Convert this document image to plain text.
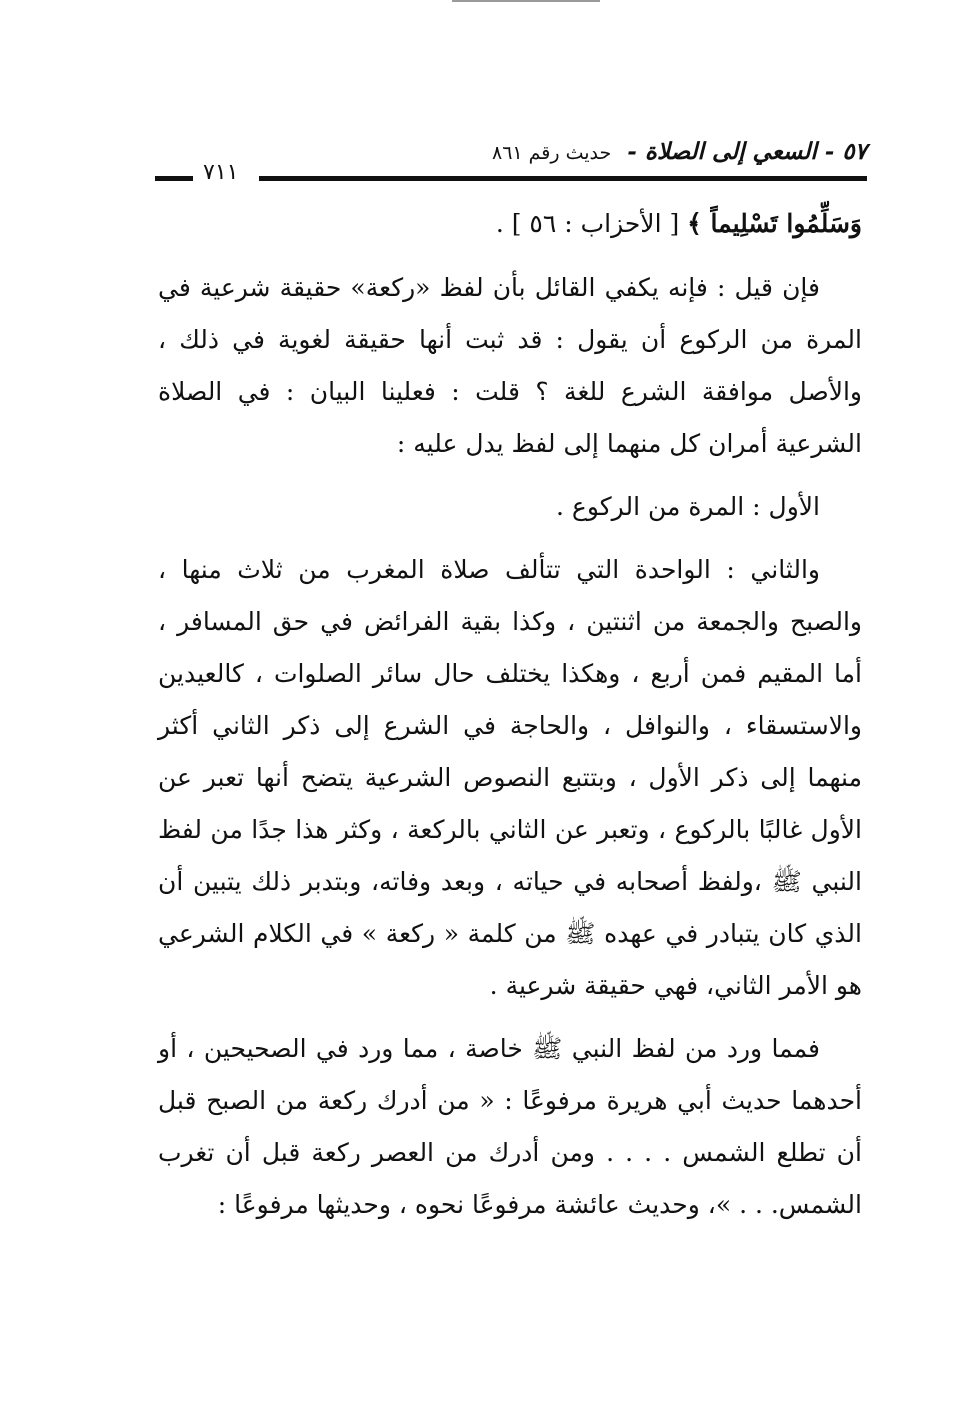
٥٧ - السعي إلى الصلاة -  حديث رقم ٨٦١
٧١١

وَسَلِّمُوا تَسْلِيماً ﴾ [ الأحزاب : ٥٦ ] .

فإن قيل : فإنه يكفي القائل بأن لفظ «ركعة» حقيقة شرعية في المرة من الركوع أن يقول : قد ثبت أنها حقيقة لغوية في ذلك ، والأصل موافقة الشرع للغة ؟ قلت : فعلينا البيان : في الصلاة الشرعية أمران كل منهما إلى لفظ يدل عليه :

الأول : المرة من الركوع .

والثاني : الواحدة التي تتألف صلاة المغرب من ثلاث منها ، والصبح والجمعة من اثنتين ، وكذا بقية الفرائض في حق المسافر ، أما المقيم فمن أربع ، وهكذا يختلف حال سائر الصلوات ، كالعيدين والاستسقاء ، والنوافل ، والحاجة في الشرع إلى ذكر الثاني أكثر منهما إلى ذكر الأول ، وبتتبع النصوص الشرعية يتضح أنها تعبر عن الأول غالبًا بالركوع ، وتعبر عن الثاني بالركعة ، وكثر هذا جدًا من لفظ النبي ﷺ ،ولفظ أصحابه في حياته ، وبعد وفاته، وبتدبر ذلك يتبين أن الذي كان يتبادر في عهده ﷺ من كلمة « ركعة » في الكلام الشرعي هو الأمر الثاني، فهي حقيقة شرعية .

فمما ورد من لفظ النبي ﷺ خاصة ، مما ورد في الصحيحين ، أو أحدهما حديث أبي هريرة مرفوعًا : « من أدرك ركعة من الصبح قبل أن تطلع الشمس . . . . ومن أدرك من العصر ركعة قبل أن تغرب الشمس. . . »، وحديث عائشة مرفوعًا نحوه ، وحديثها مرفوعًا :
